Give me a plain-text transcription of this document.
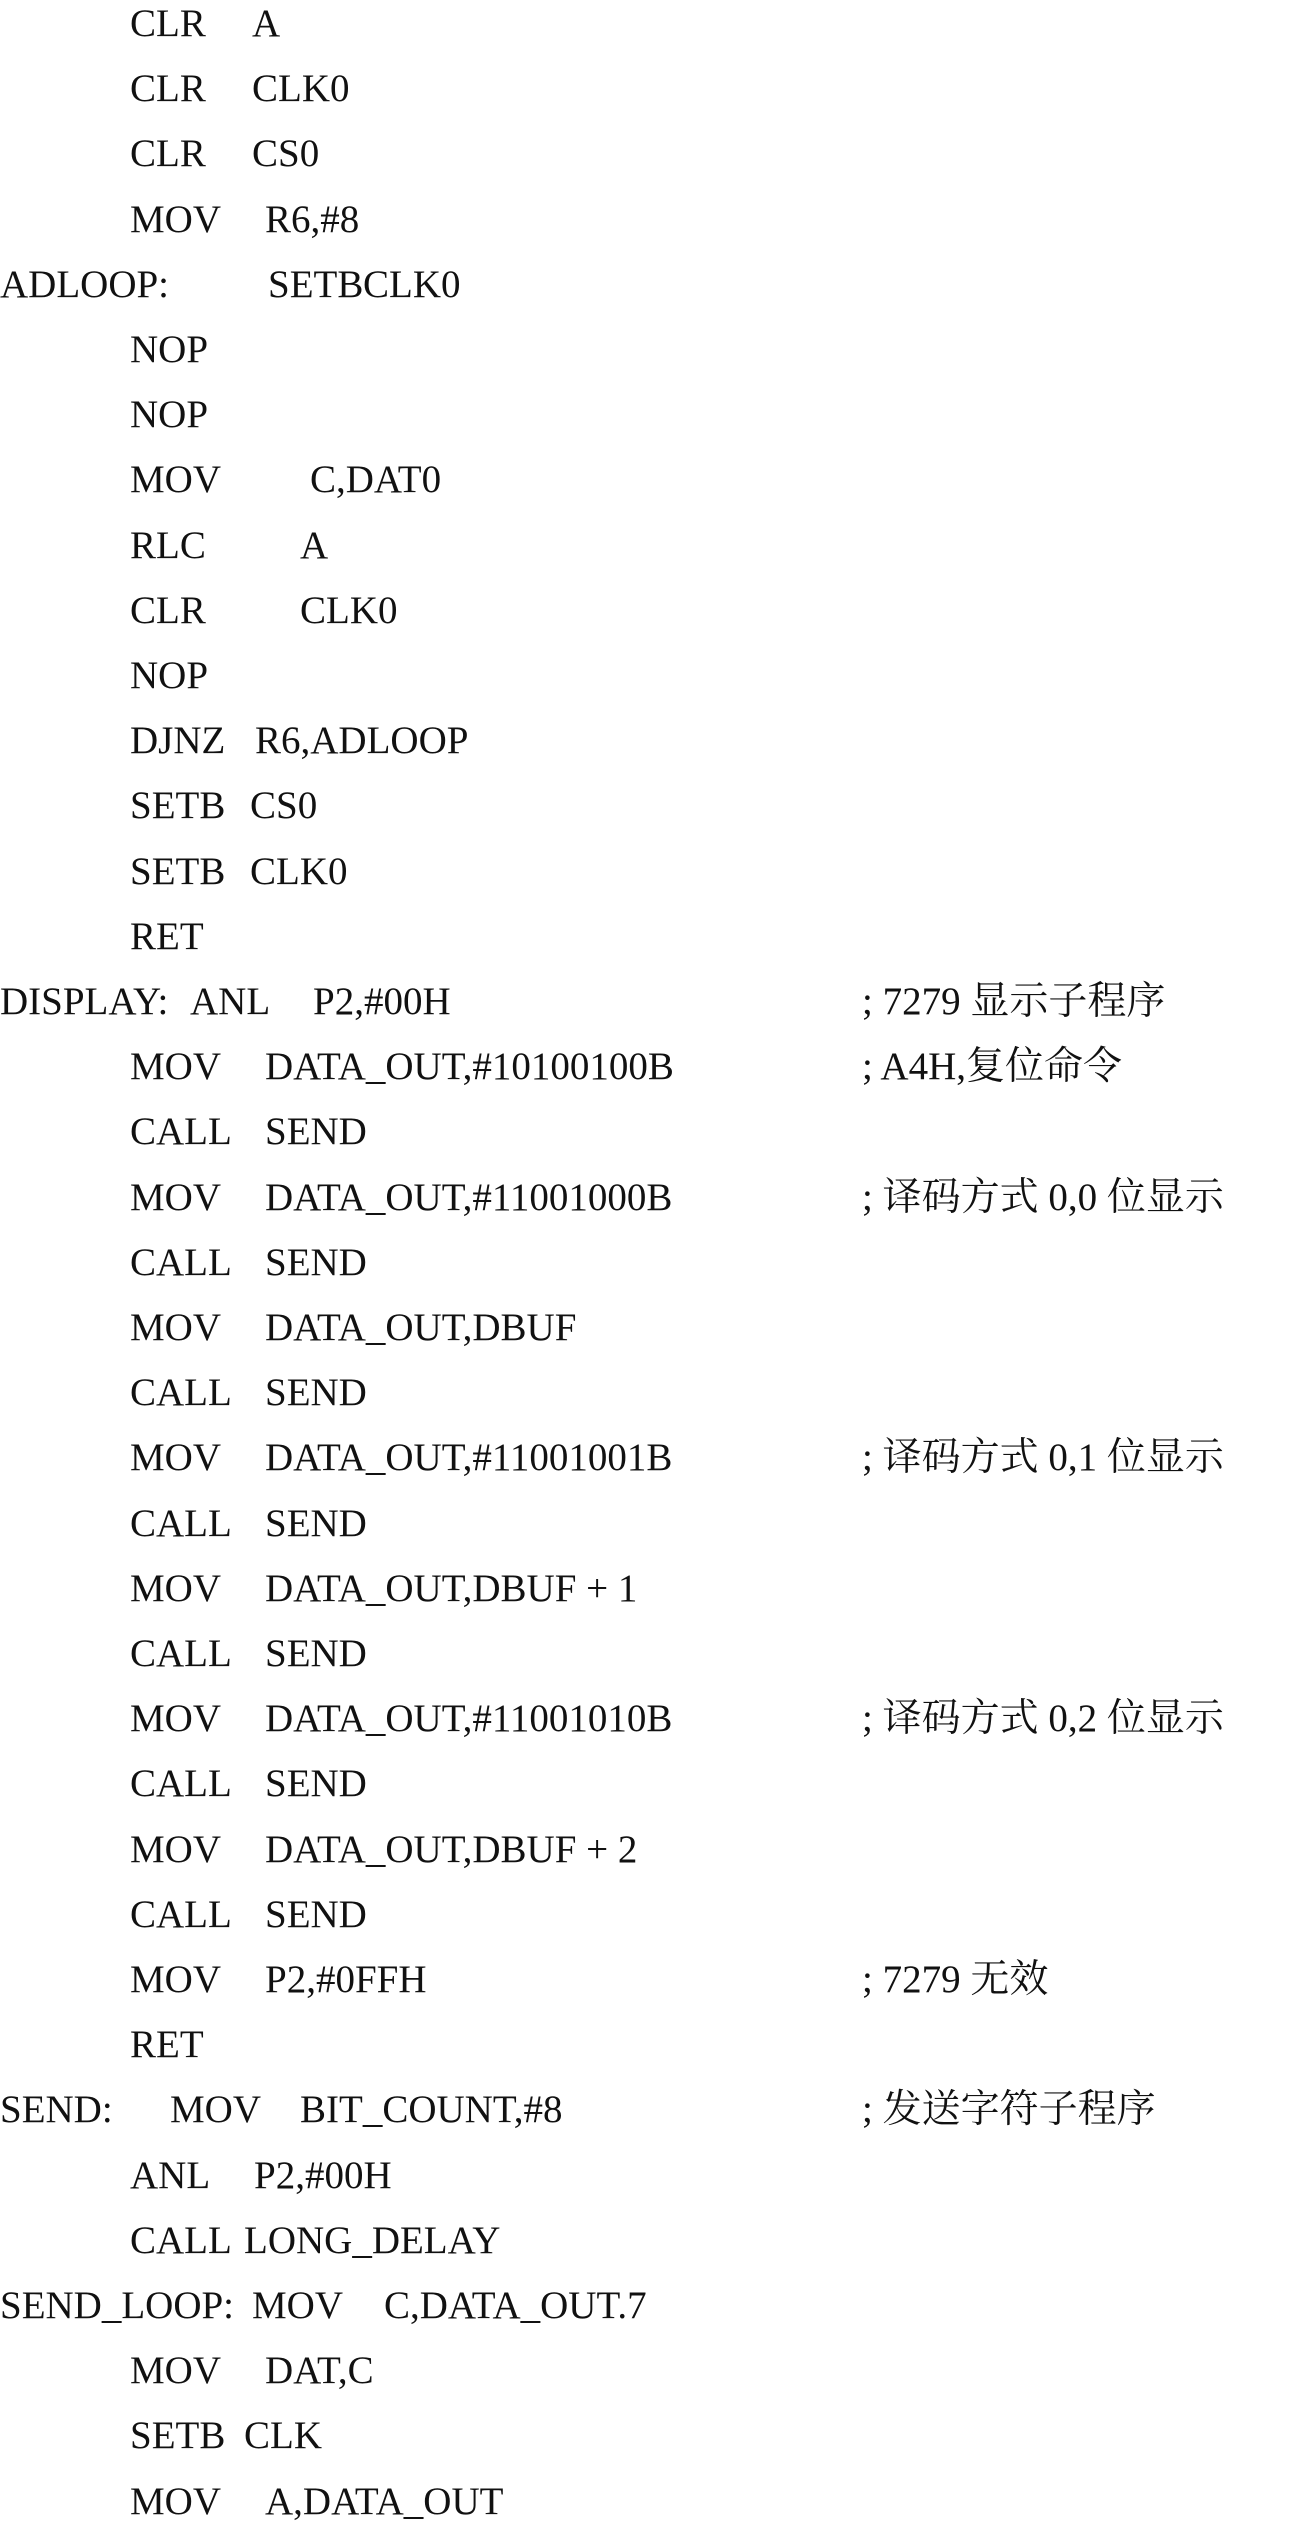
CLR A
CLR CLK0
CLR CS0
MOV R6,#8
ADLOOP:	SETB CLK0
NOP
NOP
MOV C,DAT0
RLC A
CLR CLK0
NOP
DJNZ R6,ADLOOP
SETB CS0
SETB CLK0
RET
DISPLAY: ANL P2,#00H	; 7279 显示子程序
MOV DATA_OUT,#10100100B	; A4H,复位命令
CALL SEND
MOV DATA_OUT,#11001000B	; 译码方式 0,0 位显示
CALL SEND
MOV DATA_OUT,DBUF
CALL SEND
MOV DATA_OUT,#11001001B	; 译码方式 0,1 位显示
CALL SEND
MOV DATA_OUT,DBUF + 1
CALL SEND
MOV DATA_OUT,#11001010B	; 译码方式 0,2 位显示
CALL SEND
MOV DATA_OUT,DBUF + 2
CALL SEND
MOV P2,#0FFH	; 7279 无效
RET
SEND: MOV BIT_COUNT,#8	; 发送字符子程序
ANL P2,#00H
CALL LONG_DELAY
SEND_LOOP: MOV C,DATA_OUT.7
MOV DAT,C
SETB CLK
MOV A,DATA_OUT
